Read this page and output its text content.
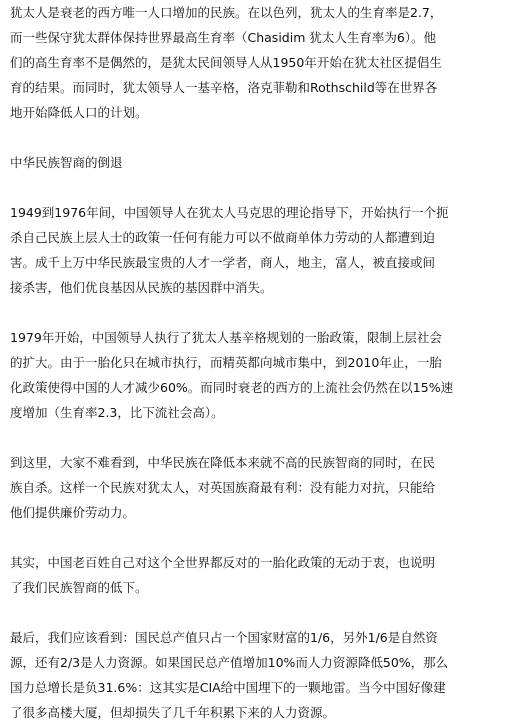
犹太人是衰老的西方唯一人口增加的民族。在以色列，犹太人的生育率是2.7，
而一些保守犹太群体保持世界最高生育率（Chasidim 犹太人生育率为6）。他
们的高生育率不是偶然的，是犹太民间领导人从1950年开始在犹太社区提倡生
育的结果。而同时，犹太领导人一基辛格，洛克菲勒和Rothschild等在世界各
地开始降低人口的计划。
中华民族智商的倒退
1949到1976年间，中国领导人在犹太人马克思的理论指导下，开始执行一个扼
杀自己民族上层人士的政策一任何有能力可以不做商单体力劳动的人都遭到迫
害。成千上万中华民族最宝贵的人才一学者，商人，地主，富人，被直接或间
接杀害，他们优良基因从民族的基因群中消失。
1979年开始，中国领导人执行了犹太人基辛格规划的一胎政策，限制上层社会
的扩大。由于一胎化只在城市执行，而精英都向城市集中，到2010年止，一胎
化政策使得中国的人才减少60%。而同时衰老的西方的上流社会仍然在以15%速
度增加（生育率2.3，比下流社会高）。
到这里，大家不难看到，中华民族在降低本来就不高的民族智商的同时，在民
族自杀。这样一个民族对犹太人，对英国族裔最有利：没有能力对抗，只能给
他们提供廉价劳动力。
其实，中国老百姓自己对这个全世界都反对的一胎化政策的无动于衷，也说明
了我们民族智商的低下。
最后，我们应该看到：国民总产值只占一个国家财富的1/6，另外1/6是自然资
源，还有2/3是人力资源。如果国民总产值增加10%而人力资源降低50%，那么
国力总增长是负31.6%：这其实是CIA给中国埋下的一颗地雷。当今中国好像建
了很多高楼大厦，但却损失了几千年积累下来的人力资源。
